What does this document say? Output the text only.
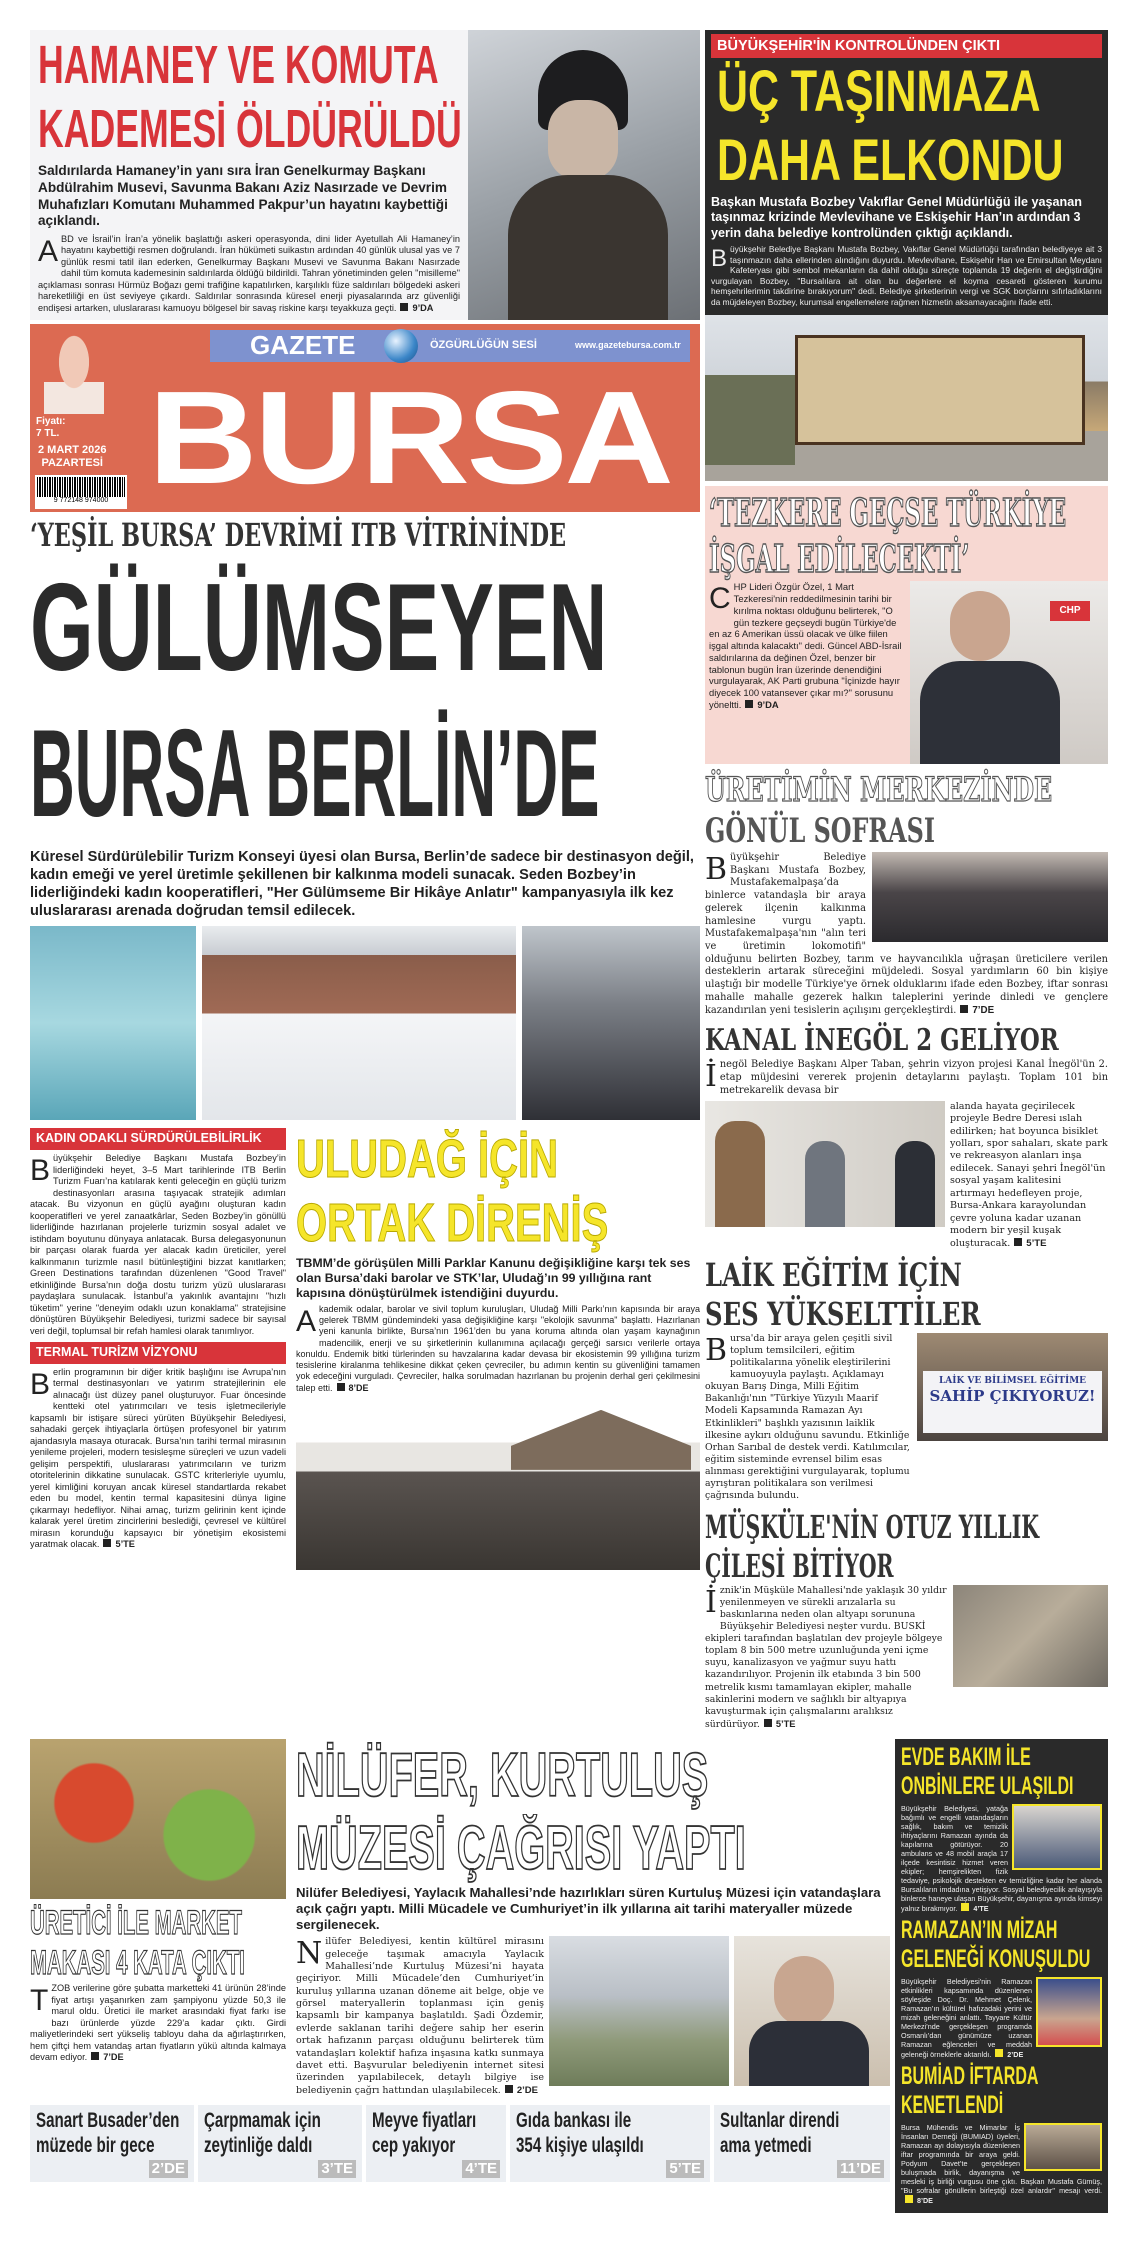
HAMANEY VE KOMUTA
KADEMESİ ÖLDÜRÜLDÜ
Saldırılarda Hamaney’in yanı sıra İran Genelkurmay Başkanı Abdülrahim Musevi, Savunma Bakanı Aziz Nasırzade ve Devrim Muhafızları Komutanı Muhammed Pakpur’un hayatını kaybettiği açıklandı.
ABD ve İsrail’in İran’a yönelik başlattığı askeri operasyonda, dini lider Ayetullah Ali Hamaney’in hayatını kaybettiği resmen doğrulandı. İran hükümeti suikastın ardından 40 günlük ulusal yas ve 7 günlük resmi tatil ilan ederken, Genelkurmay Başkanı Musevi ve Savunma Bakanı Nasırzade dahil tüm komuta kademesinin saldırılarda öldüğü bildirildi. Tahran yönetiminden gelen "misilleme" açıklaması sonrası Hürmüz Boğazı gemi trafiğine kapatılırken, karşılıklı füze saldırıları bölgedeki askeri hareketliliği en üst seviyeye çıkardı. Saldırılar sonrasında küresel enerji piyasalarında arz güvenliği endişesi artarken, uluslararası kamuoyu bölgesel bir savaş riskine karşı teyakkuza geçti. 9’DA
GAZETE	ÖZGÜRLÜĞÜN SESİ	www.gazetebursa.com.tr
BURSA
Fiyatı:
7 TL.
2 MART 2026
PAZARTESİ
9 772148 974000
‘YEŞİL BURSA’ DEVRİMİ ITB VİTRİNİNDE
GÜLÜMSEYEN
BURSA BERLİN’DE
Küresel Sürdürülebilir Turizm Konseyi üyesi olan Bursa, Berlin’de sadece bir destinasyon değil, kadın emeği ve yerel üretimle şekillenen bir kalkınma modeli sunacak. Seden Bozbey’in liderliğindeki kadın kooperatifleri, "Her Gülümseme Bir Hikâye Anlatır" kampanyasıyla ilk kez uluslararası arenada doğrudan temsil edilecek.
KADIN ODAKLI SÜRDÜRÜLEBİLİRLİK
Büyükşehir Belediye Başkanı Mustafa Bozbey’in liderliğindeki heyet, 3–5 Mart tarihlerinde ITB Berlin Turizm Fuarı’na katılarak kenti geleceğin en güçlü turizm destinasyonları arasına taşıyacak stratejik adımları atacak. Bu vizyonun en güçlü ayağını oluşturan kadın kooperatifleri ve yerel zanaatkârlar, Seden Bozbey’in gönüllü liderliğinde hazırlanan projelerle turizmin sosyal adalet ve istihdam boyutunu dünyaya anlatacak. Bursa delegasyonunun bir parçası olarak fuarda yer alacak kadın üreticiler, yerel kalkınmanın turizmle nasıl bütünleştiğini bizzat kanıtlarken; Green Destinations tarafından düzenlenen "Good Travel" etkinliğinde Bursa’nın doğa dostu turizm yüzü uluslararası paydaşlara sunulacak. İstanbul’a yakınlık avantajını "hızlı tüketim" yerine "deneyim odaklı uzun konaklama" stratejisine dönüştüren Büyükşehir Belediyesi, turizmi sadece bir sayısal veri değil, toplumsal bir refah hamlesi olarak tanımlıyor.
TERMAL TURİZM VİZYONU
Berlin programının bir diğer kritik başlığını ise Avrupa’nın termal destinasyonları ve yatırım stratejilerinin ele alınacağı üst düzey panel oluşturuyor. Fuar öncesinde kentteki otel yatırımcıları ve tesis işletmecileriyle kapsamlı bir istişare süreci yürüten Büyükşehir Belediyesi, sahadaki gerçek ihtiyaçlarla örtüşen profesyonel bir yatırım ajandasıyla masaya oturacak. Bursa’nın tarihi termal mirasının yenileme projeleri, modern tesisleşme süreçleri ve uzun vadeli gelişim perspektifi, uluslararası yatırımcıların ve turizm otoritelerinin dikkatine sunulacak. GSTC kriterleriyle uyumlu, yerel kimliğini koruyan ancak küresel standartlarda rekabet eden bu model, kentin termal kapasitesini dünya ligine çıkarmayı hedefliyor. Nihai amaç, turizm gelirinin kent içinde kalarak yerel üretim zincirlerini beslediği, çevresel ve kültürel mirasın korunduğu kapsayıcı bir yönetişim ekosistemi yaratmak olacak. 5’TE
ULUDAĞ İÇİN
ORTAK DİRENİŞ
TBMM’de görüşülen Milli Parklar Kanunu değişikliğine karşı tek ses olan Bursa’daki barolar ve STK’lar, Uludağ’ın 99 yıllığına rant kapısına dönüştürülmek istendiğini duyurdu.
Akademik odalar, barolar ve sivil toplum kuruluşları, Uludağ Milli Parkı’nın kapısında bir araya gelerek TBMM gündemindeki yasa değişikliğine karşı "ekolojik savunma" başlattı. Hazırlanan yeni kanunla birlikte, Bursa’nın 1961’den bu yana koruma altında olan yaşam kaynağının madencilik, enerji ve su şirketlerinin kullanımına açılacağı gerçeği sarsıcı verilerle ortaya konuldu. Endemik bitki türlerinden su havzalarına kadar devasa bir ekosistemin 99 yıllığına turizm tesislerine kiralanma tehlikesine dikkat çeken çevreciler, bu adımın kentin su güvenliğini tamamen yok edeceğini vurguladı. Çevreciler, halka sorulmadan hazırlanan bu projenin derhal geri çekilmesini talep etti. 8’DE
BÜYÜKŞEHİR'İN KONTROLÜNDEN ÇIKTI
ÜÇ TAŞINMAZA
DAHA ELKONDU
Başkan Mustafa Bozbey Vakıflar Genel Müdürlüğü ile yaşanan taşınmaz krizinde Mevlevihane ve Eskişehir Han’ın ardından 3 yerin daha belediye kontrolünden çıktığı açıklandı.
Büyükşehir Belediye Başkanı Mustafa Bozbey, Vakıflar Genel Müdürlüğü tarafından belediyeye ait 3 taşınmazın daha ellerinden alındığını duyurdu. Mevlevihane, Eskişehir Han ve Emirsultan Meydanı Kafeteryası gibi sembol mekanların da dahil olduğu süreçte toplamda 19 değerin el değiştirdiğini vurgulayan Bozbey, "Bursalılara ait olan bu değerlere el koyma cesareti gösteren kurumu hemşehrilerimin takdirine bırakıyorum" dedi. Belediye şirketlerinin vergi ve SGK borçlarını sıfırladıklarını da müjdeleyen Bozbey, kurumsal engellemelere rağmen hizmetin aksamayacağını ifade etti.
‘TEZKERE GEÇSE TÜRKİYE
İŞGAL EDİLECEKTİ’
CHP Lideri Özgür Özel, 1 Mart Tezkeresi'nin reddedilmesinin tarihi bir kırılma noktası olduğunu belirterek, "O gün tezkere geçseydi bugün Türkiye'de en az 6 Amerikan üssü olacak ve ülke fiilen işgal altında kalacaktı" dedi. Güncel ABD-İsrail saldırılarına da değinen Özel, benzer bir tablonun bugün İran üzerinde denendiğini vurgulayarak, AK Parti grubuna "İçinizde hayır diyecek 100 vatansever çıkar mı?" sorusunu yöneltti. 9’DA
CHP
ÜRETİMİN MERKEZİNDE
GÖNÜL SOFRASI
Büyükşehir Belediye Başkanı Mustafa Bozbey, Mustafakemalpaşa’da binlerce vatandaşla bir araya gelerek ilçenin kalkınma hamlesine vurgu yaptı. Mustafakemalpaşa'nın "alın teri ve üretimin lokomotifi" olduğunu belirten Bozbey, tarım ve hayvancılıkla uğraşan üreticilere verilen desteklerin artarak süreceğini müjdeledi. Sosyal yardımların 60 bin kişiye ulaştığı bir modelle Türkiye'ye örnek olduklarını ifade eden Bozbey, iftar sonrası mahalle mahalle gezerek halkın taleplerini yerinde dinledi ve gençlere kazandırılan yeni tesislerin açılışını gerçekleştirdi. 7’DE
KANAL İNEGÖL 2 GELİYOR
İnegöl Belediye Başkanı Alper Taban, şehrin vizyon projesi Kanal İnegöl'ün 2. etap müjdesini vererek projenin detaylarını paylaştı. Toplam 101 bin metrekarelik devasa bir
alanda hayata geçirilecek projeyle Bedre Deresi ıslah edilirken; hat boyunca bisiklet yolları, spor sahaları, skate park ve rekreasyon alanları inşa edilecek. Sanayi şehri İnegöl'ün sosyal yaşam kalitesini artırmayı hedefleyen proje, Bursa-Ankara karayolundan çevre yoluna kadar uzanan modern bir yeşil kuşak oluşturacak. 5’TE
LAİK EĞİTİM İÇİN
SES YÜKSELTTİLER
Bursa'da bir araya gelen çeşitli sivil toplum temsilcileri, eğitim politikalarına yönelik eleştirilerini kamuoyuyla paylaştı. Açıklamayı okuyan Barış Dinga, Milli Eğitim Bakanlığı'nın "Türkiye Yüzyılı Maarif Modeli Kapsamında Ramazan Ayı Etkinlikleri" başlıklı yazısının laiklik ilkesine aykırı olduğunu savundu. Etkinliğe Orhan Sarıbal de destek verdi. Katılımcılar, eğitim sisteminde evrensel bilim esas alınması gerektiğini vurgulayarak, toplumu ayrıştıran politikalara son verilmesi çağrısında bulundu.
LAİK VE BİLİMSEL EĞİTİME
SAHİP ÇIKIYORUZ!
MÜŞKÜLE'NİN OTUZ YILLIK
ÇİLESİ BİTİYOR
İznik'in Müşküle Mahallesi'nde yaklaşık 30 yıldır yenilenmeyen ve sürekli arızalarla su baskınlarına neden olan altyapı sorununa Büyükşehir Belediyesi neşter vurdu. BUSKİ ekipleri tarafından başlatılan dev projeyle bölgeye toplam 8 bin 500 metre uzunluğunda yeni içme suyu, kanalizasyon ve yağmur suyu hattı kazandırılıyor. Projenin ilk etabında 3 bin 500 metrelik kısmı tamamlayan ekipler, mahalle sakinlerini modern ve sağlıklı bir altyapıya kavuşturmak için çalışmalarını aralıksız sürdürüyor. 5’TE
ÜRETİCİ İLE MARKET
MAKASI 4 KATA ÇIKTI
TZOB verilerine göre şubatta marketteki 41 ürünün 28’inde fiyat artışı yaşanırken zam şampiyonu yüzde 50,3 ile marul oldu. Üretici ile market arasındaki fiyat farkı ise bazı ürünlerde yüzde 229’a kadar çıktı. Girdi maliyetlerindeki sert yükseliş tabloyu daha da ağırlaştırırken, hem çiftçi hem vatandaş artan fiyatların yükü altında kalmaya devam ediyor. 7’DE
NİLÜFER, KURTULUŞ
MÜZESİ ÇAĞRISI YAPTI
Nilüfer Belediyesi, Yaylacık Mahallesi’nde hazırlıkları süren Kurtuluş Müzesi için vatandaşlara açık çağrı yaptı. Milli Mücadele ve Cumhuriyet’in ilk yıllarına ait tarihi materyaller müzede sergilenecek.
Nilüfer Belediyesi, kentin kültürel mirasını geleceğe taşımak amacıyla Yaylacık Mahallesi’nde Kurtuluş Müzesi’ni hayata geçiriyor. Milli Mücadele’den Cumhuriyet’in kuruluş yıllarına uzanan döneme ait belge, obje ve görsel materyallerin toplanması için geniş kapsamlı bir kampanya başlatıldı. Şadi Özdemir, evlerde saklanan tarihi değere sahip her eserin ortak hafızanın parçası olduğunu belirterek tüm vatandaşları kolektif hafıza inşasına katkı sunmaya davet etti. Başvurular belediyenin internet sitesi üzerinden yapılabilecek, detaylı bilgiye ise belediyenin çağrı hattından ulaşılabilecek. 2’DE
Sanart Busader’den
müzede bir gece
2’DE
Çarpmamak için
zeytinliğe daldı
3’TE
Meyve fiyatları
cep yakıyor
4’TE
Gıda bankası ile
354 kişiye ulaşıldı
5’TE
Sultanlar direndi
ama yetmedi
11’DE
EVDE BAKIM İLE
ONBİNLERE ULAŞILDI
Büyükşehir Belediyesi, yatağa bağımlı ve engelli vatandaşların sağlık, bakım ve temizlik ihtiyaçlarını Ramazan ayında da kapılarına götürüyor. 20 ambulans ve 48 mobil araçla 17 ilçede kesintisiz hizmet veren ekipler; hemşirelikten fizik tedaviye, psikolojik destekten ev temizliğine kadar her alanda Bursalıların imdadına yetişiyor. Sosyal belediyecilik anlayışıyla binlerce haneye ulaşan Büyükşehir, dayanışma ayında kimseyi yalnız bırakmıyor. 4’TE
RAMAZAN’IN MİZAH
GELENEĞİ KONUŞULDU
Büyükşehir Belediyesi’nin Ramazan etkinlikleri kapsamında düzenlenen söyleşide Doç. Dr. Mehmet Çelenk, Ramazan’ın kültürel hafızadaki yerini ve mizah geleneğini anlattı. Tayyare Kültür Merkezi’nde gerçekleşen programda Osmanlı’dan günümüze uzanan Ramazan eğlenceleri ve meddah geleneği örneklerle aktarıldı. 2’DE
BUMİAD İFTARDA
KENETLENDİ
Bursa Mühendis ve Mimarlar İş İnsanları Derneği (BUMIAD) üyeleri, Ramazan ayı dolayısıyla düzenlenen iftar programında bir araya geldi. Podyum Davet’te gerçekleşen buluşmada birlik, dayanışma ve mesleki iş birliği vurgusu öne çıktı. Başkan Mustafa Gümüş, "Bu sofralar gönüllerin birleştiği özel anlardır" mesajı verdi.8’DE
